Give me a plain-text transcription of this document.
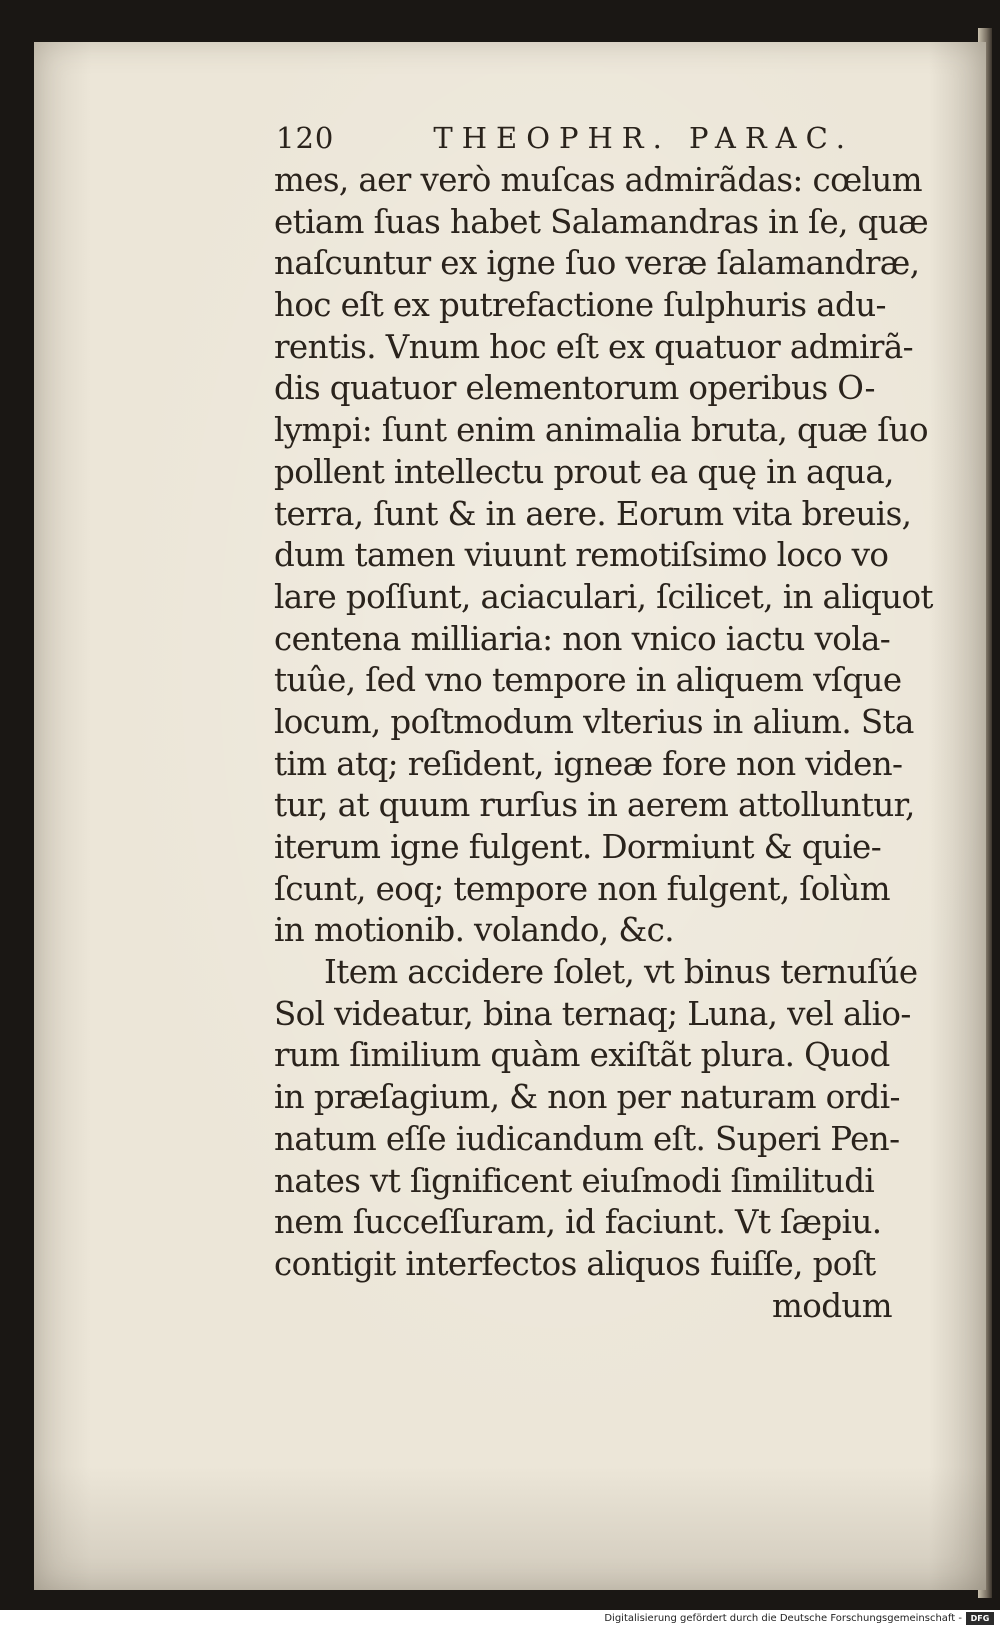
120	THEOPHR. PARAC.
mes, aer verò muſcas admirãdas: cœlum
etiam ſuas habet Salamandras in ſe, quæ
naſcuntur ex igne ſuo veræ ſalamandræ,
hoc eſt ex putrefactione ſulphuris adu-
rentis. Vnum hoc eſt ex quatuor admirã-
dis quatuor elementorum operibus O-
lympi: ſunt enim animalia bruta, quæ ſuo
pollent intellectu prout ea quę in aqua,
terra, ſunt & in aere. Eorum vita breuis,
dum tamen viuunt remotiſsimo loco vo
lare poſſunt, aciaculari, ſcilicet, in aliquot
centena milliaria: non vnico iactu vola-
tuûe, ſed vno tempore in aliquem vſque
locum, poſtmodum vlterius in alium. Sta
tim atq; reſident, igneæ fore non viden-
tur, at quum rurſus in aerem attolluntur,
iterum igne fulgent. Dormiunt & quie-
ſcunt, eoq; tempore non fulgent, ſolùm
in motionib. volando, &c.
Item accidere ſolet, vt binus ternuſúe
Sol videatur, bina ternaq; Luna, vel alio-
rum ſimilium quàm exiſtãt plura. Quod
in præſagium, & non per naturam ordi-
natum eſſe iudicandum eſt. Superi Pen-
nates vt ſignificent eiuſmodi ſimilitudi
nem ſucceſſuram, id faciunt. Vt ſæpiu.
contigit interfectos aliquos fuiſſe, poſt
modum
Digitalisierung gefördert durch die Deutsche Forschungsgemeinschaft -	DFG
